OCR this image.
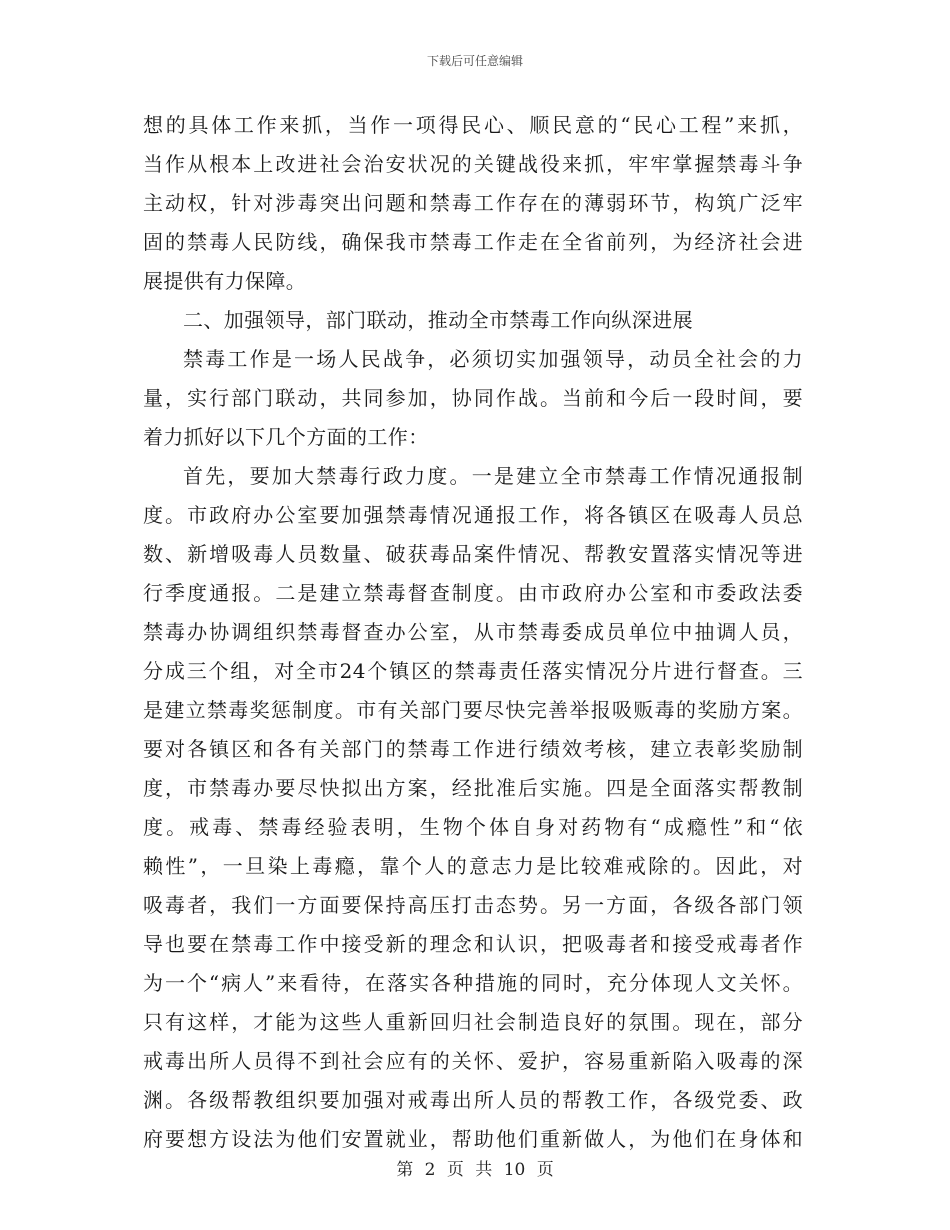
下载后可任意编辑
想的具体工作来抓，当作一项得民心、顺民意的“民心工程”来抓，
当作从根本上改进社会治安状况的关键战役来抓，牢牢掌握禁毒斗争
主动权，针对涉毒突出问题和禁毒工作存在的薄弱环节，构筑广泛牢
固的禁毒人民防线，确保我市禁毒工作走在全省前列，为经济社会进
展提供有力保障。
二、加强领导，部门联动，推动全市禁毒工作向纵深进展
禁毒工作是一场人民战争，必须切实加强领导，动员全社会的力
量，实行部门联动，共同参加，协同作战。当前和今后一段时间，要
着力抓好以下几个方面的工作：
首先，要加大禁毒行政力度。一是建立全市禁毒工作情况通报制
度。市政府办公室要加强禁毒情况通报工作，将各镇区在吸毒人员总
数、新增吸毒人员数量、破获毒品案件情况、帮教安置落实情况等进
行季度通报。二是建立禁毒督查制度。由市政府办公室和市委政法委
禁毒办协调组织禁毒督查办公室，从市禁毒委成员单位中抽调人员，
分成三个组，对全市24个镇区的禁毒责任落实情况分片进行督查。三
是建立禁毒奖惩制度。市有关部门要尽快完善举报吸贩毒的奖励方案。
要对各镇区和各有关部门的禁毒工作进行绩效考核，建立表彰奖励制
度，市禁毒办要尽快拟出方案，经批准后实施。四是全面落实帮教制
度。戒毒、禁毒经验表明，生物个体自身对药物有“成瘾性”和“依
赖性”，一旦染上毒瘾，靠个人的意志力是比较难戒除的。因此，对
吸毒者，我们一方面要保持高压打击态势。另一方面，各级各部门领
导也要在禁毒工作中接受新的理念和认识，把吸毒者和接受戒毒者作
为一个“病人”来看待，在落实各种措施的同时，充分体现人文关怀。
只有这样，才能为这些人重新回归社会制造良好的氛围。现在，部分
戒毒出所人员得不到社会应有的关怀、爱护，容易重新陷入吸毒的深
渊。各级帮教组织要加强对戒毒出所人员的帮教工作，各级党委、政
府要想方设法为他们安置就业，帮助他们重新做人，为他们在身体和
第 2 页 共 10 页
